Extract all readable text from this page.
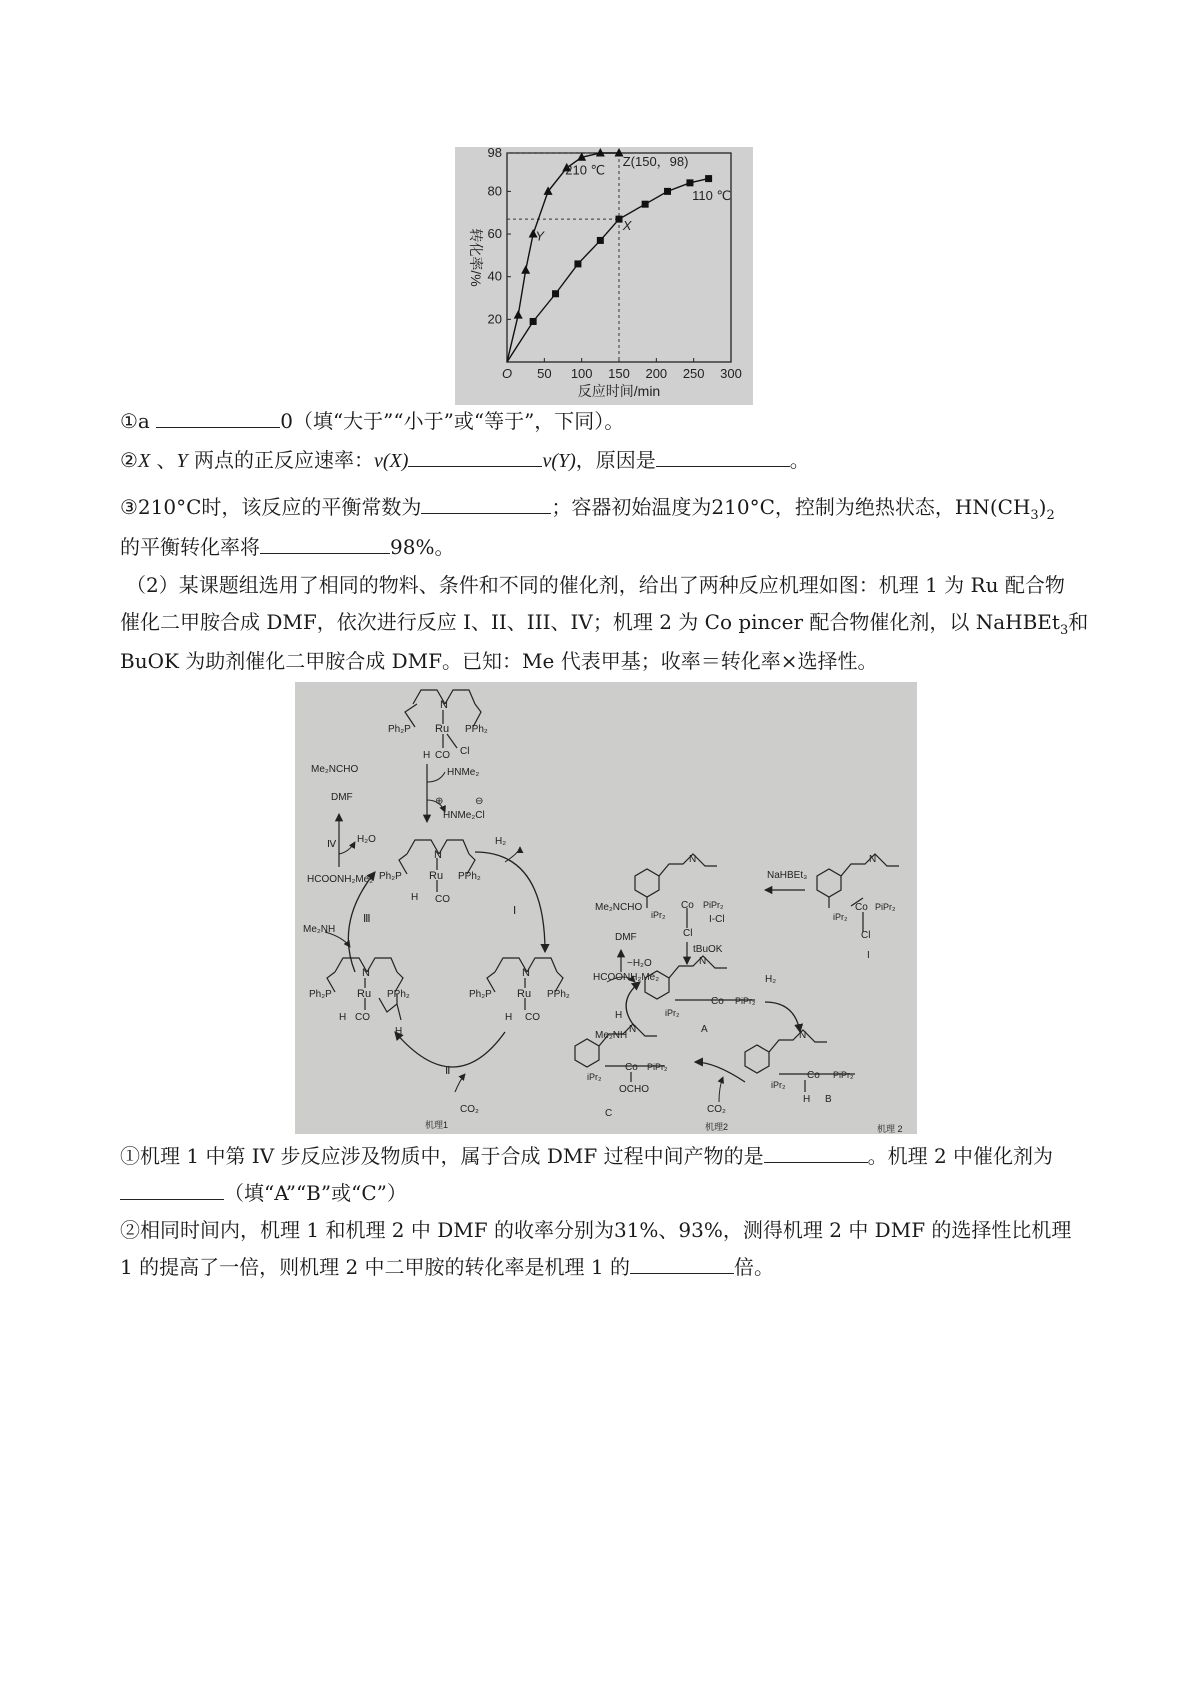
O 50 100 150 200 250 300
20
40
60
80
98
反应时间/min
转化率/%
210 ℃
110 ℃
Z(150，98)
X
Y
①a	0（填“大于”“小于”或“等于”，下同）。
②X 、Y 两点的正反应速率：v(X)	v(Y)，原因是	。
③210°C时，该反应的平衡常数为	；容器初始温度为210°C，控制为绝热状态，$HN(CH_3)_2$
的平衡转化率将	98%。
（2）某课题组选用了相同的物料、条件和不同的催化剂，给出了两种反应机理如图：机理 1 为 Ru 配合物
催化二甲胺合成 DMF，依次进行反应 I、II、III、IV；机理 2 为 Co pincer 配合物催化剂，以 NaHBEt$_3$和
BuOK 为助剂催化二甲胺合成 DMF。已知：Me 代表甲基；收率＝转化率×选择性。
N
Ph₂P Ru PPh₂
H CO Cl
HNMe₂
⊕	⊖
HNMe₂Cl
Me₂NCHO
DMF
Ⅳ H₂O
HCOONH₂Me₂
N
Ph₂P Ru PPh₂
H CO
H₂
Ⅰ
Me₂NH
Ⅲ
Ⅱ
CO₂
N
Ph₂P Ru PPh₂
H CO
H
N
Ph₂P Ru PPh₂
H CO
机理1
Me₂NCHO
DMF
−H₂O
HCOONH₂Me₂
Me₂NH
N
Co PiPr₂
iPr₂
Cl
I
NaHBEt₃
N
Co PiPr₂
iPr₂
Cl
I-Cl
tBuOK
N
Co PiPr₂
iPr₂
A
H₂
N
Co PiPr₂
iPr₂
H B
CO₂
H
N
Co PiPr₂
iPr₂
OCHO
C
机理2	机理 2
①机理 1 中第 IV 步反应涉及物质中，属于合成 DMF 过程中间产物的是	。机理 2 中催化剂为
（填“A”“B”或“C”）
②相同时间内，机理 1 和机理 2 中 DMF 的收率分别为31%、93%，测得机理 2 中 DMF 的选择性比机理
1 的提高了一倍，则机理 2 中二甲胺的转化率是机理 1 的	倍。
